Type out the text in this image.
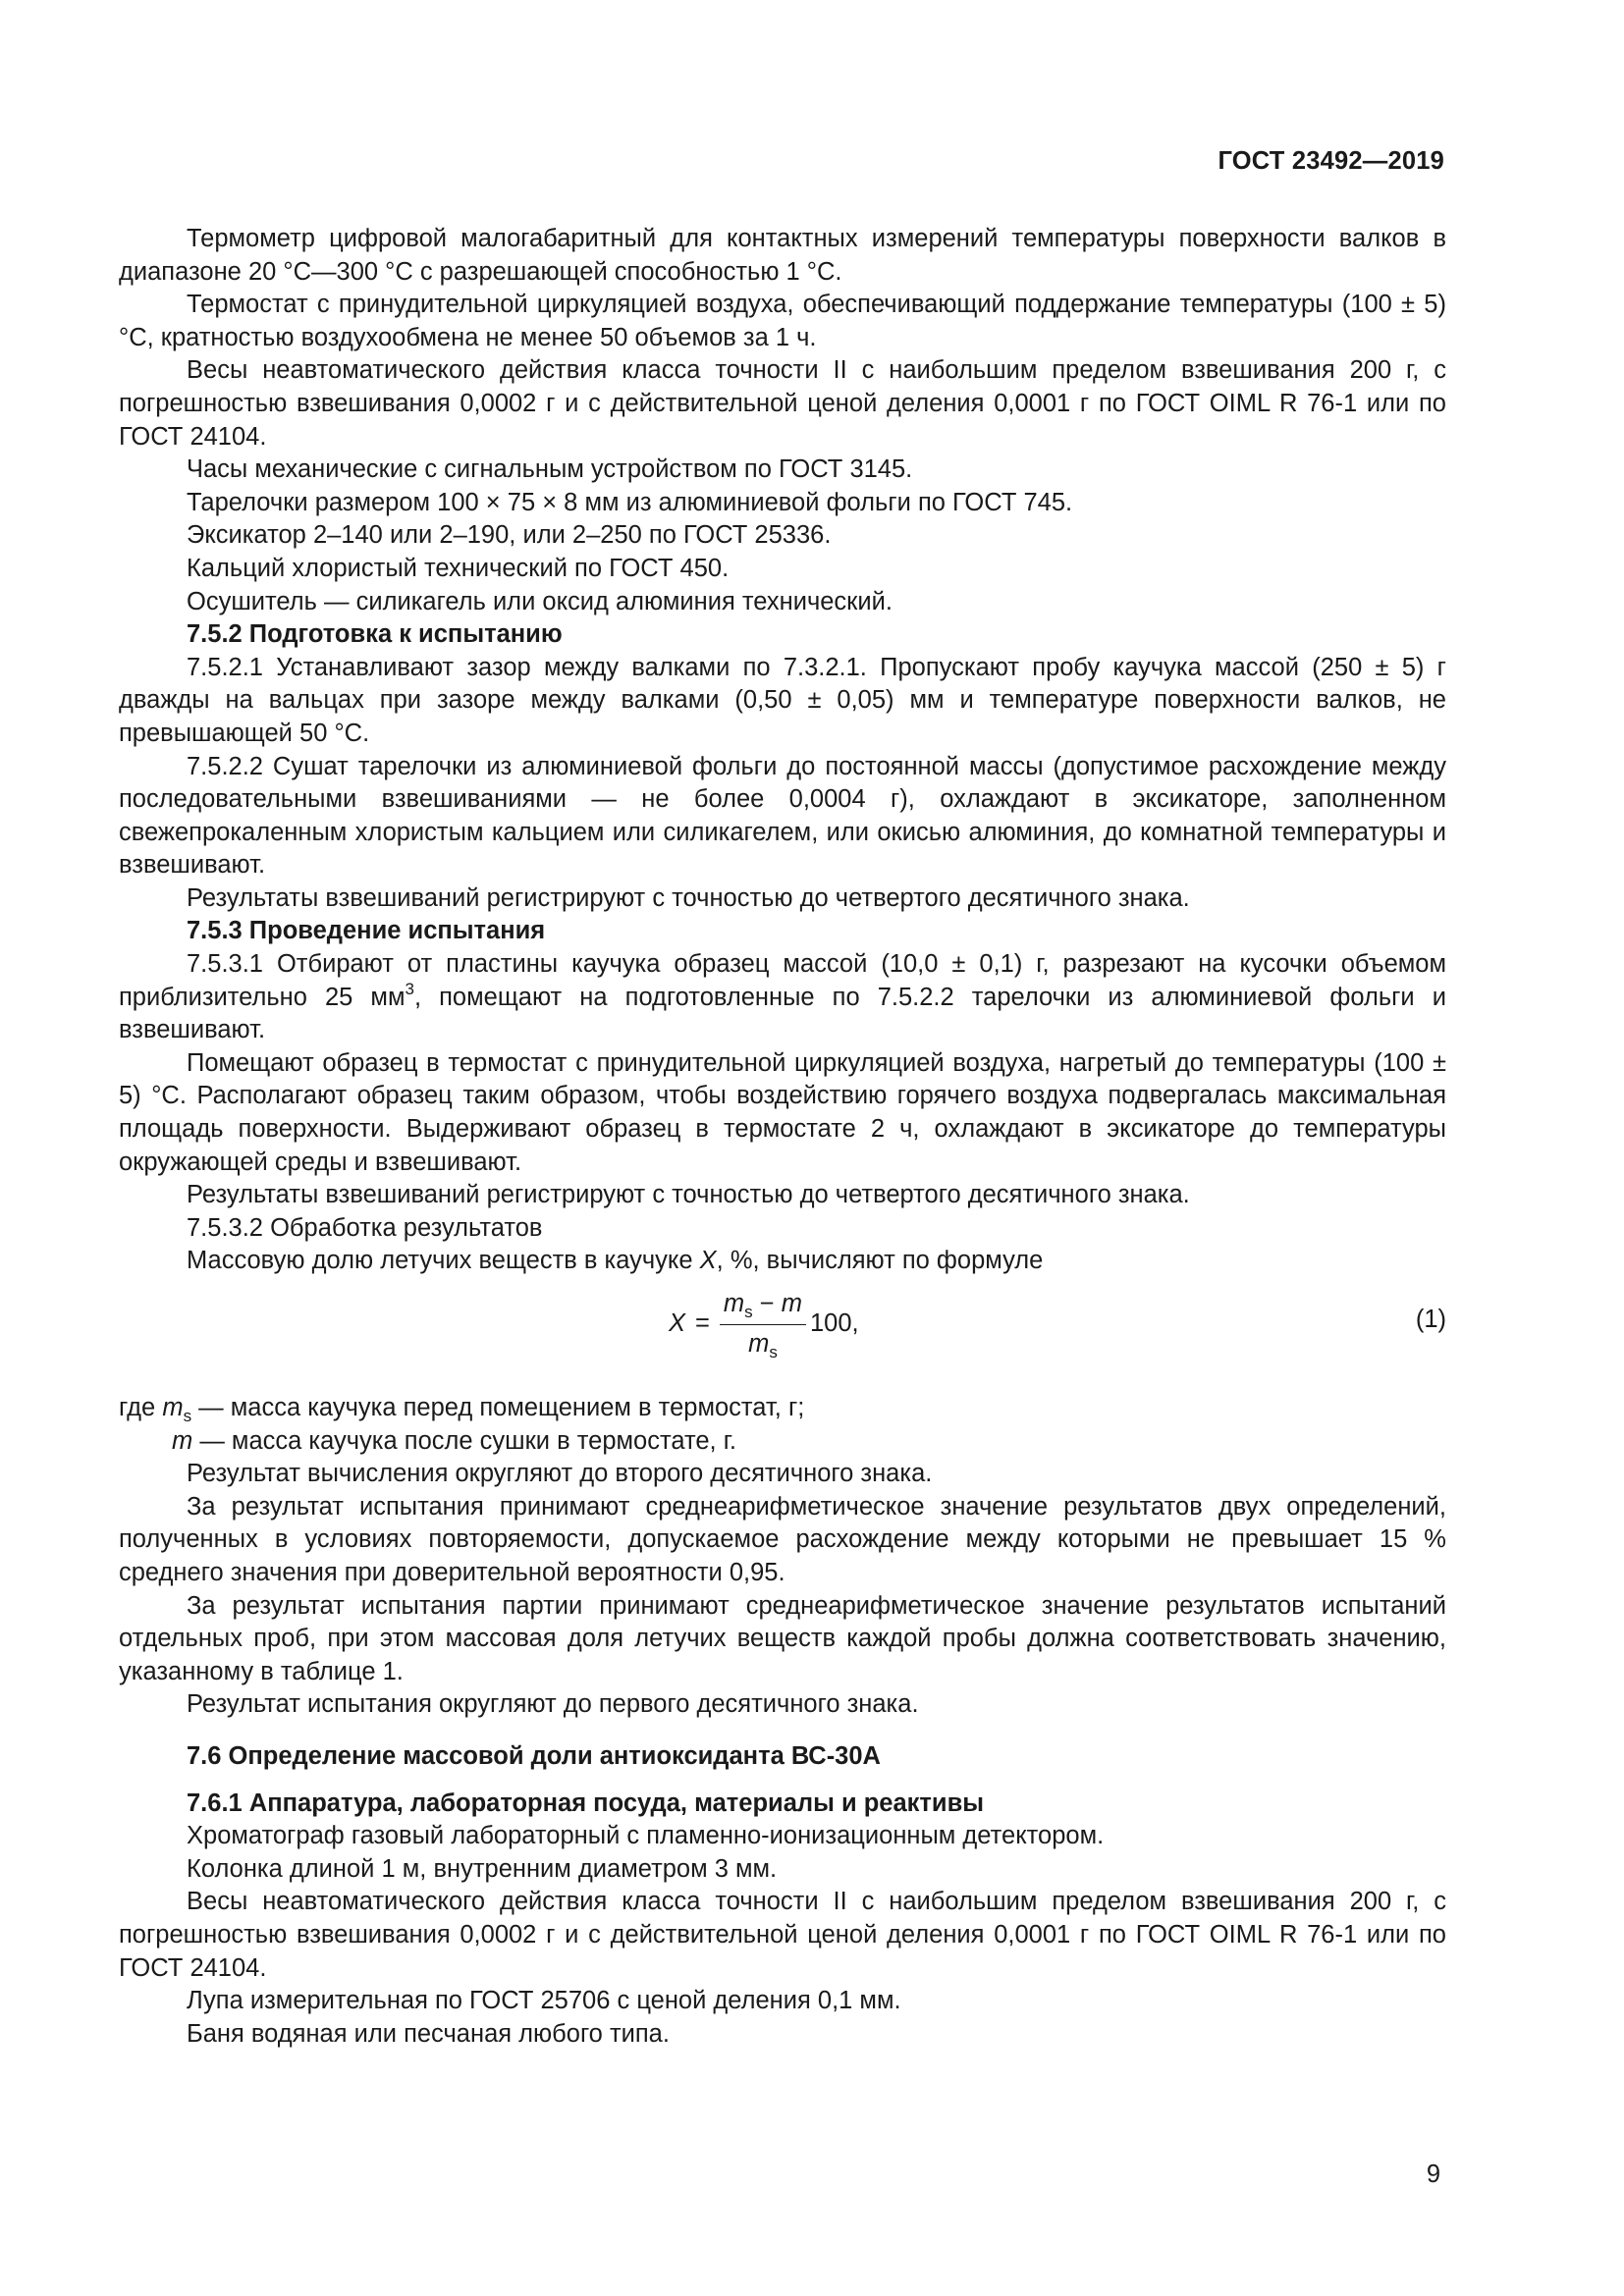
ГОСТ 23492—2019

Термометр цифровой малогабаритный для контактных измерений температуры поверхности валков в диапазоне 20 °С—300 °С с разрешающей способностью 1 °С.

Термостат с принудительной циркуляцией воздуха, обеспечивающий поддержание температуры (100 ± 5) °С, кратностью воздухообмена не менее 50 объемов за 1 ч.

Весы неавтоматического действия класса точности II с наибольшим пределом взвешивания 200 г, с погрешностью взвешивания 0,0002 г и с действительной ценой деления 0,0001 г по ГОСТ OIML R 76-1 или по ГОСТ 24104.

Часы механические с сигнальным устройством по ГОСТ 3145.

Тарелочки размером 100 × 75 × 8 мм из алюминиевой фольги по ГОСТ 745.

Эксикатор 2–140 или 2–190, или 2–250 по ГОСТ 25336.

Кальций хлористый технический по ГОСТ 450.

Осушитель — силикагель или оксид алюминия технический.

7.5.2 Подготовка к испытанию

7.5.2.1 Устанавливают зазор между валками по 7.3.2.1. Пропускают пробу каучука массой (250 ± 5) г дважды на вальцах при зазоре между валками (0,50 ± 0,05) мм и температуре поверхности валков, не превышающей 50 °С.

7.5.2.2 Сушат тарелочки из алюминиевой фольги до постоянной массы (допустимое расхождение между последовательными взвешиваниями — не более 0,0004 г), охлаждают в эксикаторе, заполненном свежепрокаленным хлористым кальцием или силикагелем, или окисью алюминия, до комнатной температуры и взвешивают.

Результаты взвешиваний регистрируют с точностью до четвертого десятичного знака.

7.5.3 Проведение испытания

7.5.3.1 Отбирают от пластины каучука образец массой (10,0 ± 0,1) г, разрезают на кусочки объемом приблизительно 25 $мм^3$, помещают на подготовленные по 7.5.2.2 тарелочки из алюминиевой фольги и взвешивают.

Помещают образец в термостат с принудительной циркуляцией воздуха, нагретый до температуры (100 ± 5) °С. Располагают образец таким образом, чтобы воздействию горячего воздуха подвергалась максимальная площадь поверхности. Выдерживают образец в термостате 2 ч, охлаждают в эксикаторе до температуры окружающей среды и взвешивают.

Результаты взвешиваний регистрируют с точностью до четвертого десятичного знака.

7.5.3.2 Обработка результатов

Массовую долю летучих веществ в каучуке X, %, вычисляют по формуле

$X = \frac{m_s - m}{m_s} 100$,	(1)

где $m_s$ — масса каучука перед помещением в термостат, г;

m — масса каучука после сушки в термостате, г.

Результат вычисления округляют до второго десятичного знака.

За результат испытания принимают среднеарифметическое значение результатов двух определений, полученных в условиях повторяемости, допускаемое расхождение между которыми не превышает 15 % среднего значения при доверительной вероятности 0,95.

За результат испытания партии принимают среднеарифметическое значение результатов испытаний отдельных проб, при этом массовая доля летучих веществ каждой пробы должна соответствовать значению, указанному в таблице 1.

Результат испытания округляют до первого десятичного знака.

7.6 Определение массовой доли антиоксиданта ВС-30А

7.6.1 Аппаратура, лабораторная посуда, материалы и реактивы

Хроматограф газовый лабораторный с пламенно-ионизационным детектором.

Колонка длиной 1 м, внутренним диаметром 3 мм.

Весы неавтоматического действия класса точности II с наибольшим пределом взвешивания 200 г, с погрешностью взвешивания 0,0002 г и с действительной ценой деления 0,0001 г по ГОСТ OIML R 76-1 или по ГОСТ 24104.

Лупа измерительная по ГОСТ 25706 с ценой деления 0,1 мм.

Баня водяная или песчаная любого типа.

9
